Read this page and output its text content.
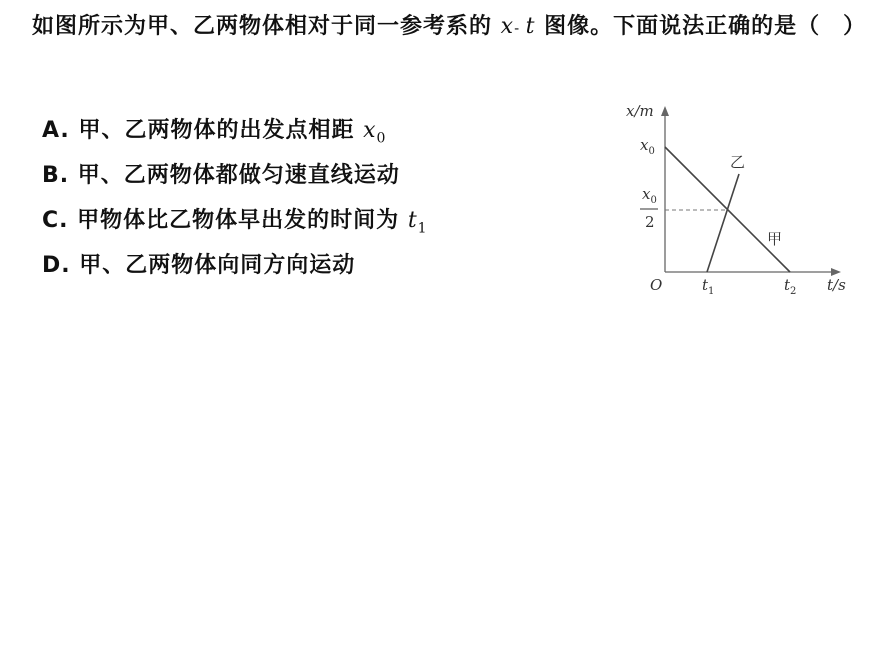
如图所示为甲、乙两物体相对于同一参考系的 x- t 图像。下面说法正确的是（　）
A. 甲、乙两物体的出发点相距 $x_0$
B. 甲、乙两物体都做匀速直线运动
C. 甲物体比乙物体早出发的时间为 $t_1$
D. 甲、乙两物体向同方向运动
x/m
t/s
O
$x_0$
$x_0$
2
$t_1$	$t_2$
甲
乙
